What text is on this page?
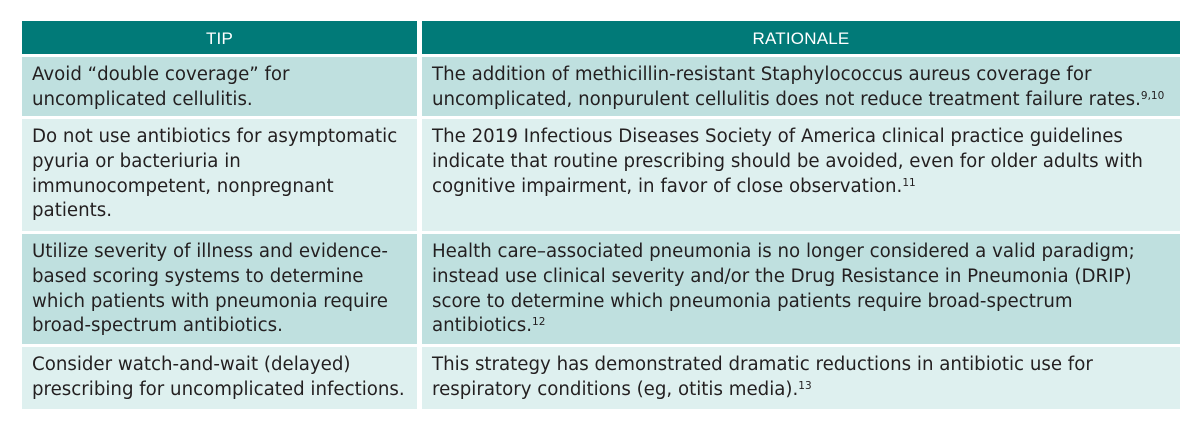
TIP	RATIONALE
Avoid “double coverage” for uncomplicated cellulitis.
The addition of methicillin-resistant Staphylococcus aureus coverage for uncomplicated, nonpurulent cellulitis does not reduce treatment failure rates.$^{9,10}$
Do not use antibiotics for asymptomatic pyuria or bacteriuria in immunocompetent, nonpregnant patients.
The 2019 Infectious Diseases Society of America clinical practice guidelines indicate that routine prescribing should be avoided, even for older adults with cognitive impairment, in favor of close observation.$^{11}$
Utilize severity of illness and evidence-based scoring systems to determine which patients with pneumonia require broad-spectrum antibiotics.
Health care–associated pneumonia is no longer considered a valid paradigm; instead use clinical severity and/or the Drug Resistance in Pneumonia (DRIP) score to determine which pneumonia patients require broad-spectrum antibiotics.$^{12}$
Consider watch-and-wait (delayed) prescribing for uncomplicated infections.
This strategy has demonstrated dramatic reductions in antibiotic use for respiratory conditions (eg, otitis media).$^{13}$
